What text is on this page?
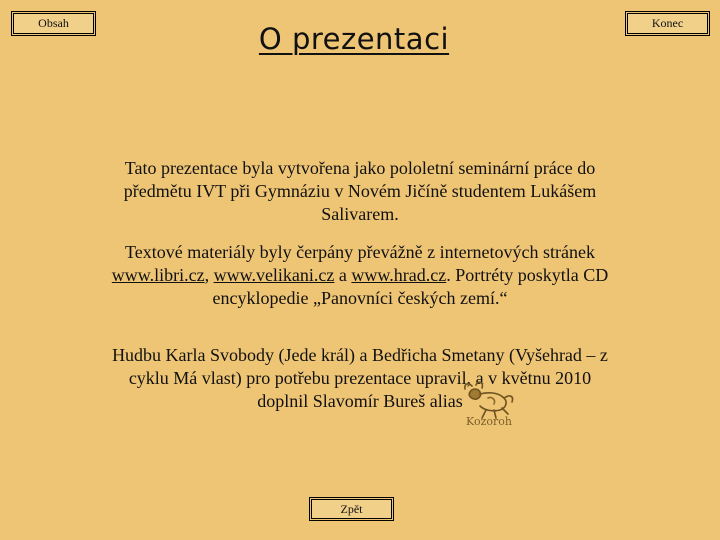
Obsah	Konec
O prezentaci
Tato prezentace byla vytvořena jako pololetní seminární práce do
předmětu IVT při Gymnáziu v Novém Jičíně studentem Lukášem
Salivarem.
Textové materiály byly čerpány převážně z internetových stránek
www.libri.cz, www.velikani.cz a www.hrad.cz. Portréty poskytla CD
encyklopedie „Panovníci českých zemí.“
Hudbu Karla Svobody (Jede král) a Bedřicha Smetany (Vyšehrad – z
cyklu Má vlast) pro potřebu prezentace upravil, a v květnu 2010
doplnil Slavomír Bureš alias
Kozoroh
Zpět
